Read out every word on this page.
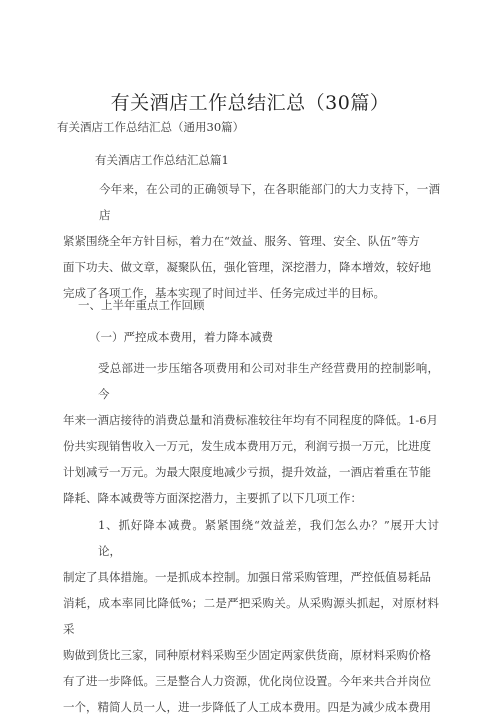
有关酒店工作总结汇总（30篇）
有关酒店工作总结汇总（通用30篇）
有关酒店工作总结汇总篇1

今年来，在公司的正确领导下，在各职能部门的大力支持下，一酒店

紧紧围绕全年方针目标，着力在“效益、服务、管理、安全、队伍”等方

面下功夫、做文章，凝聚队伍，强化管理，深挖潜力，降本增效，较好地

完成了各项工作，基本实现了时间过半、任务完成过半的目标。

一、上半年重点工作回顾
（一）严控成本费用，着力降本减费

受总部进一步压缩各项费用和公司对非生产经营费用的控制影响，今

年来一酒店接待的消费总量和消费标准较往年均有不同程度的降低。1-6月

份共实现销售收入一万元，发生成本费用万元，利润亏损一万元，比进度

计划减亏一万元。为最大限度地减少亏损，提升效益，一酒店着重在节能

降耗、降本减费等方面深挖潜力，主要抓了以下几项工作：

1、抓好降本减费。紧紧围绕“效益差，我们怎么办？”展开大讨论，

制定了具体措施。一是抓成本控制。加强日常采购管理，严控低值易耗品

消耗，成本率同比降低%；二是严把采购关。从采购源头抓起，对原材料采

购做到货比三家，同种原材料采购至少固定两家供货商，原材料采购价格

有了进一步降低。三是整合人力资源，优化岗位设置。今年来共合并岗位

一个，精简人员一人，进一步降低了人工成本费用。四是为减少成本费用
